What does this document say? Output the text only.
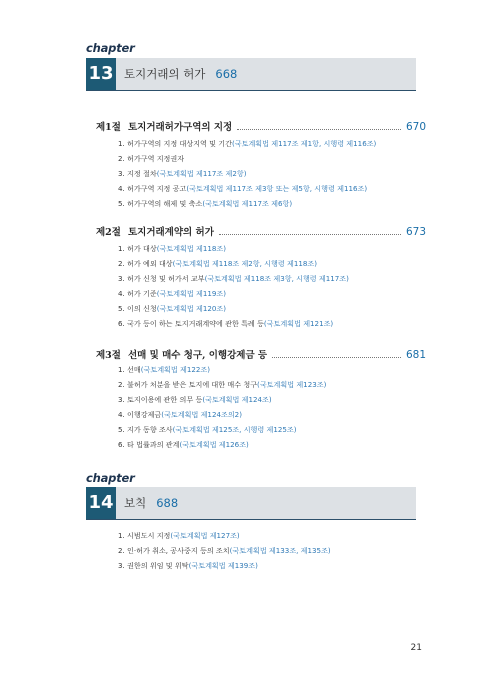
chapter
13 토지거래의 허가 668
제1절 토지거래허가구역의 지정	670
1. 허가구역의 지정 대상지역 및 기간(국토계획법 제117조 제1항, 시행령 제116조)
2. 허가구역 지정권자
3. 지정 절차(국토계획법 제117조 제2항)
4. 허가구역 지정 공고(국토계획법 제117조 제3항 또는 제5항, 시행령 제116조)
5. 허가구역의 해제 및 축소(국토계획법 제117조 제6항)
제2절 토지거래계약의 허가	673
1. 허가 대상(국토계획법 제118조)
2. 허가 예외 대상(국토계획법 제118조 제2항, 시행령 제118조)
3. 허가 신청 및 허가서 교부(국토계획법 제118조 제3항, 시행령 제117조)
4. 허가 기준(국토계획법 제119조)
5. 이의 신청(국토계획법 제120조)
6. 국가 등이 하는 토지거래계약에 관한 특례 등(국토계획법 제121조)
제3절 선매 및 매수 청구, 이행강제금 등	681
1. 선매(국토계획법 제122조)
2. 불허가 처분을 받은 토지에 대한 매수 청구(국토계획법 제123조)
3. 토지이용에 관한 의무 등(국토계획법 제124조)
4. 이행강제금(국토계획법 제124조의2)
5. 지가 동향 조사(국토계획법 제125조, 시행령 제125조)
6. 타 법률과의 관계(국토계획법 제126조)
chapter
14 보칙 688
1. 시범도시 지정(국토계획법 제127조)
2. 인·허가 취소, 공사중지 등의 조치(국토계획법 제133조, 제135조)
3. 권한의 위임 및 위탁(국토계획법 제139조)
21
